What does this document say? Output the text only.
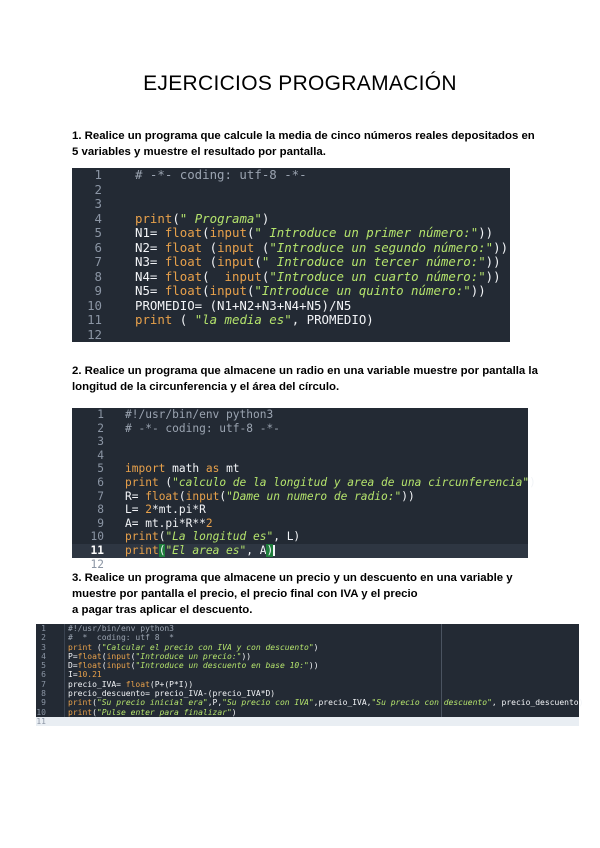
EJERCICIOS PROGRAMACIÓN
1. Realice un programa que calcule la media de cinco números reales depositados en
5 variables y muestre el resultado por pantalla.
1	# -*- coding: utf-8 -*-
2
3
4	print(" Programa")
5	N1= float(input(" Introduce un primer número:"))
6	N2= float (input ("Introduce un segundo número:"))
7	N3= float (input(" Introduce un tercer número:"))
8	N4= float(  input("Introduce un cuarto número:"))
9	N5= float(input("Introduce un quinto número:"))
10	PROMEDIO= (N1+N2+N3+N4+N5)/N5
11	print ( "la media es", PROMEDIO)
12
2. Realice un programa que almacene un radio en una variable muestre por pantalla la
longitud de la circunferencia y el área del círculo.
1 #!/usr/bin/env python3
2 # -*- coding: utf-8 -*-
3
4
5 import math as mt
6 print ("calculo de la longitud y area de una circunferencia")
7 R= float(input("Dame un numero de radio:"))
8 L= 2*mt.pi*R
9 A= mt.pi*R**2
10 print("La longitud es", L)
11 print("El area es", A)
12
3. Realice un programa que almacene un precio y un descuento en una variable y
muestre por pantalla el precio, el precio final con IVA y el precio
a pagar tras aplicar el descuento.
1	#!/usr/bin/env python3
2	#  *  coding: utf 8  *
3	print ("Calcular el precio con IVA y con descuento")
4	P=float(input("Introduce un precio:"))
5	D=float(input("Introduce un descuento en base 10:"))
6	I=10.21
7	precio_IVA= float(P+(P*I))
8	precio_descuento= precio_IVA-(precio_IVA*D)
9	print("Su precio inicial era",P,"Su precio con IVA",precio_IVA,"Su precio con descuento", precio_descuento)
10	print("Pulse enter para finalizar")
11
